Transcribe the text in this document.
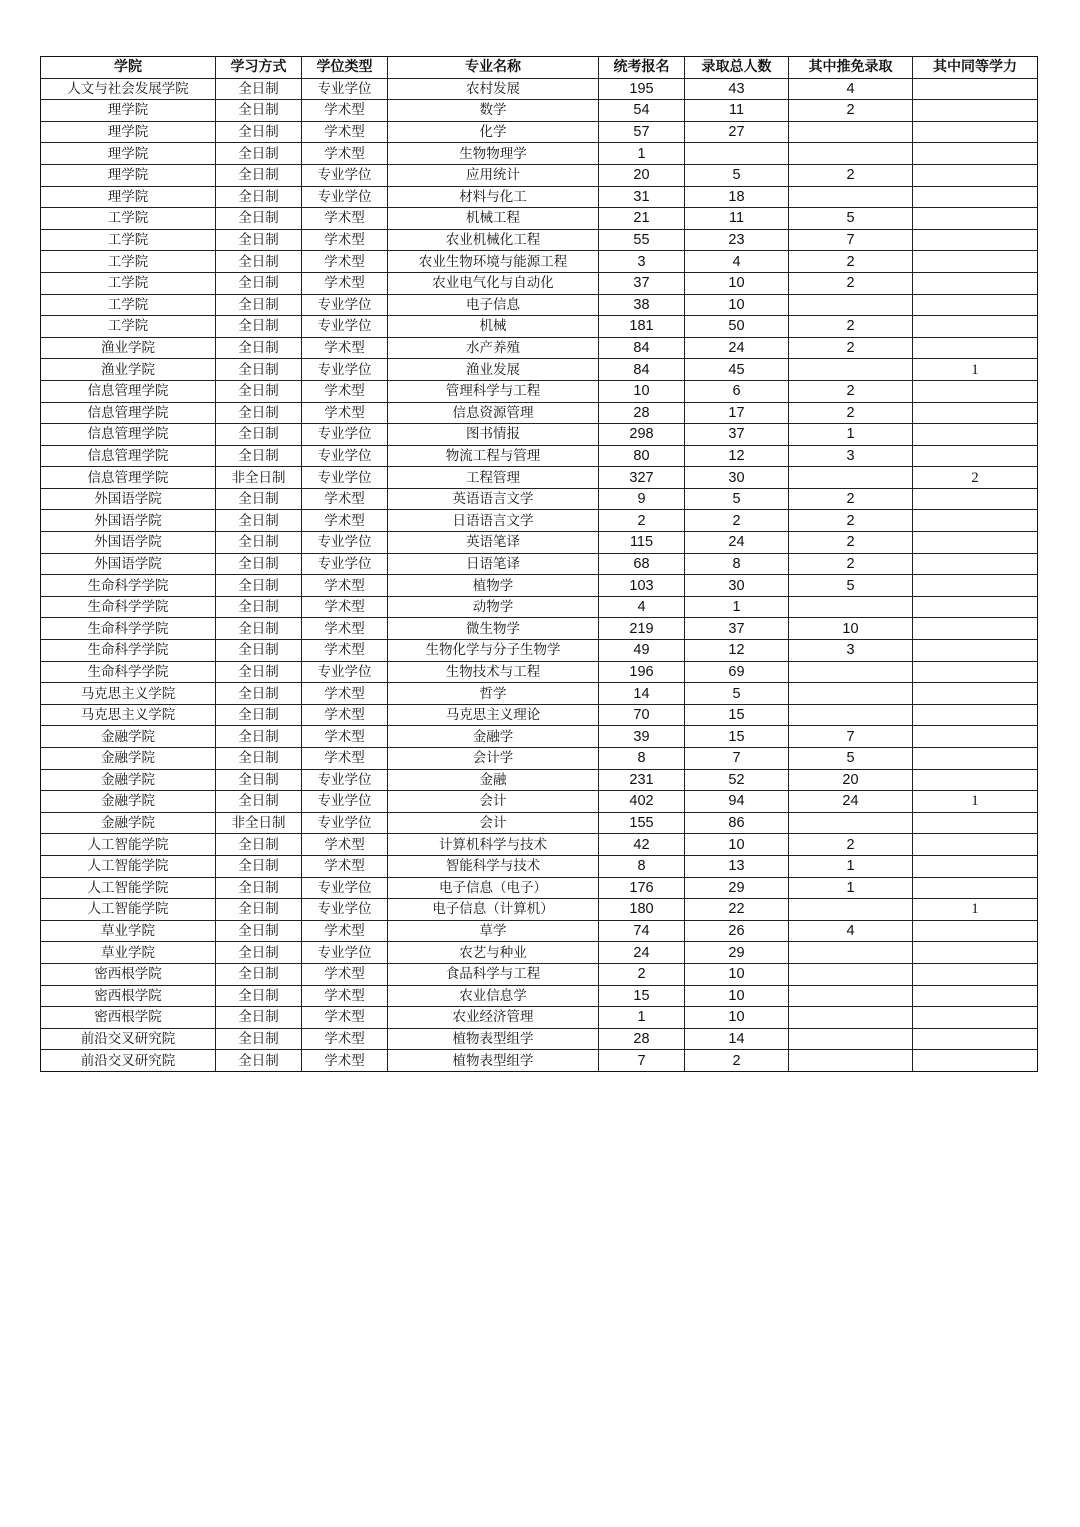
学院	学习方式	学位类型	专业名称	统考报名	录取总人数	其中推免录取	其中同等学力
人文与社会发展学院	全日制	专业学位	农村发展	195	43	4	
理学院	全日制	学术型	数学	54	11	2	
理学院	全日制	学术型	化学	57	27		
理学院	全日制	学术型	生物物理学	1			
理学院	全日制	专业学位	应用统计	20	5	2	
理学院	全日制	专业学位	材料与化工	31	18		
工学院	全日制	学术型	机械工程	21	11	5	
工学院	全日制	学术型	农业机械化工程	55	23	7	
工学院	全日制	学术型	农业生物环境与能源工程	3	4	2	
工学院	全日制	学术型	农业电气化与自动化	37	10	2	
工学院	全日制	专业学位	电子信息	38	10		
工学院	全日制	专业学位	机械	181	50	2	
渔业学院	全日制	学术型	水产养殖	84	24	2	
渔业学院	全日制	专业学位	渔业发展	84	45		1
信息管理学院	全日制	学术型	管理科学与工程	10	6	2	
信息管理学院	全日制	学术型	信息资源管理	28	17	2	
信息管理学院	全日制	专业学位	图书情报	298	37	1	
信息管理学院	全日制	专业学位	物流工程与管理	80	12	3	
信息管理学院	非全日制	专业学位	工程管理	327	30		2
外国语学院	全日制	学术型	英语语言文学	9	5	2	
外国语学院	全日制	学术型	日语语言文学	2	2	2	
外国语学院	全日制	专业学位	英语笔译	115	24	2	
外国语学院	全日制	专业学位	日语笔译	68	8	2	
生命科学学院	全日制	学术型	植物学	103	30	5	
生命科学学院	全日制	学术型	动物学	4	1		
生命科学学院	全日制	学术型	微生物学	219	37	10	
生命科学学院	全日制	学术型	生物化学与分子生物学	49	12	3	
生命科学学院	全日制	专业学位	生物技术与工程	196	69		
马克思主义学院	全日制	学术型	哲学	14	5		
马克思主义学院	全日制	学术型	马克思主义理论	70	15		
金融学院	全日制	学术型	金融学	39	15	7	
金融学院	全日制	学术型	会计学	8	7	5	
金融学院	全日制	专业学位	金融	231	52	20	
金融学院	全日制	专业学位	会计	402	94	24	1
金融学院	非全日制	专业学位	会计	155	86		
人工智能学院	全日制	学术型	计算机科学与技术	42	10	2	
人工智能学院	全日制	学术型	智能科学与技术	8	13	1	
人工智能学院	全日制	专业学位	电子信息（电子）	176	29	1	
人工智能学院	全日制	专业学位	电子信息（计算机）	180	22		1
草业学院	全日制	学术型	草学	74	26	4	
草业学院	全日制	专业学位	农艺与种业	24	29		
密西根学院	全日制	学术型	食品科学与工程	2	10		
密西根学院	全日制	学术型	农业信息学	15	10		
密西根学院	全日制	学术型	农业经济管理	1	10		
前沿交叉研究院	全日制	学术型	植物表型组学	28	14		
前沿交叉研究院	全日制	学术型	植物表型组学	7	2		
